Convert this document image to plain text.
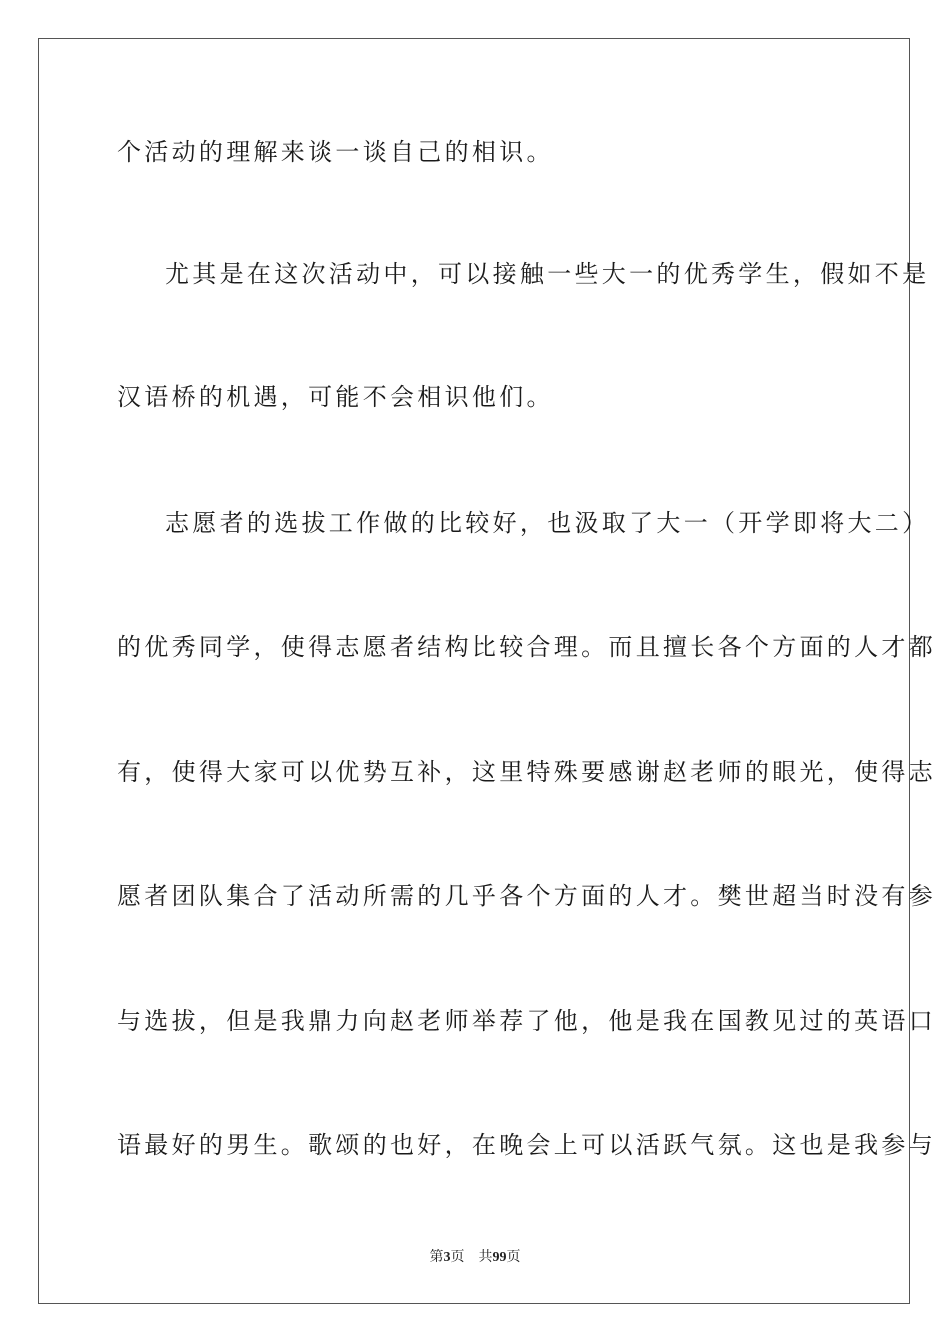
个活动的理解来谈一谈自己的相识。
尤其是在这次活动中，可以接触一些大一的优秀学生，假如不是
汉语桥的机遇，可能不会相识他们。
志愿者的选拔工作做的比较好，也汲取了大一（开学即将大二）
的优秀同学，使得志愿者结构比较合理。而且擅长各个方面的人才都
有，使得大家可以优势互补，这里特殊要感谢赵老师的眼光，使得志
愿者团队集合了活动所需的几乎各个方面的人才。樊世超当时没有参
与选拔，但是我鼎力向赵老师举荐了他，他是我在国教见过的英语口
语最好的男生。歌颂的也好，在晚会上可以活跃气氛。这也是我参与
第3页 共99页
